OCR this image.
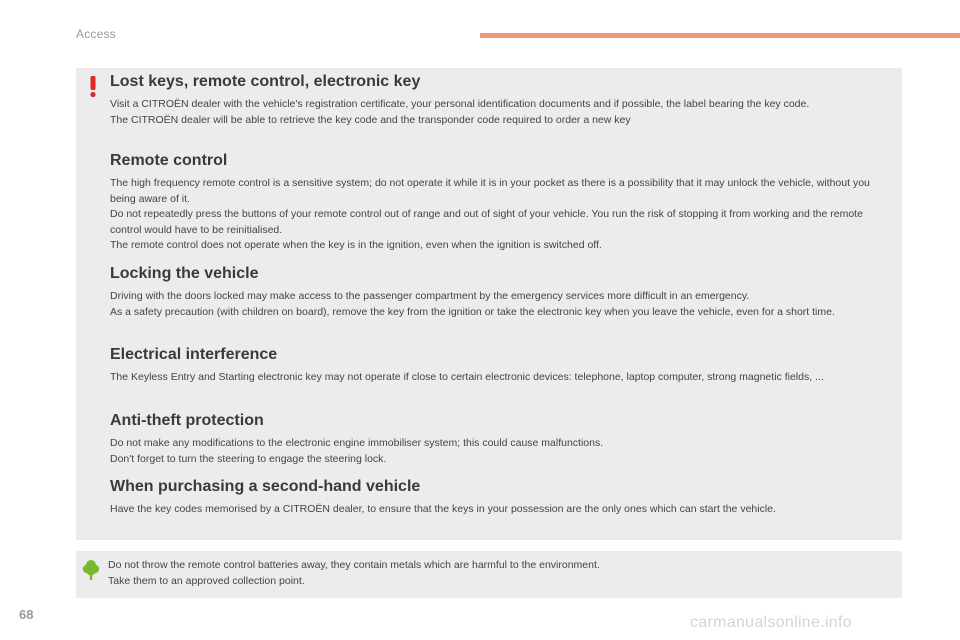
Access
Lost keys, remote control, electronic key

Visit a CITROËN dealer with the vehicle's registration certificate, your personal identification documents and if possible, the label bearing the key code.
The CITROËN dealer will be able to retrieve the key code and the transponder code required to order a new key

Remote control

The high frequency remote control is a sensitive system; do not operate it while it is in your pocket as there is a possibility that it may unlock the vehicle, without you being aware of it.
Do not repeatedly press the buttons of your remote control out of range and out of sight of your vehicle. You run the risk of stopping it from working and the remote control would have to be reinitialised.
The remote control does not operate when the key is in the ignition, even when the ignition is switched off.

Locking the vehicle

Driving with the doors locked may make access to the passenger compartment by the emergency services more difficult in an emergency.
As a safety precaution (with children on board), remove the key from the ignition or take the electronic key when you leave the vehicle, even for a short time.

Electrical interference

The Keyless Entry and Starting electronic key may not operate if close to certain electronic devices: telephone, laptop computer, strong magnetic fields, ...

Anti-theft protection

Do not make any modifications to the electronic engine immobiliser system; this could cause malfunctions.
Don't forget to turn the steering to engage the steering lock.

When purchasing a second-hand vehicle

Have the key codes memorised by a CITROËN dealer, to ensure that the keys in your possession are the only ones which can start the vehicle.

Do not throw the remote control batteries away, they contain metals which are harmful to the environment.
Take them to an approved collection point.
68	carmanualsonline.info
